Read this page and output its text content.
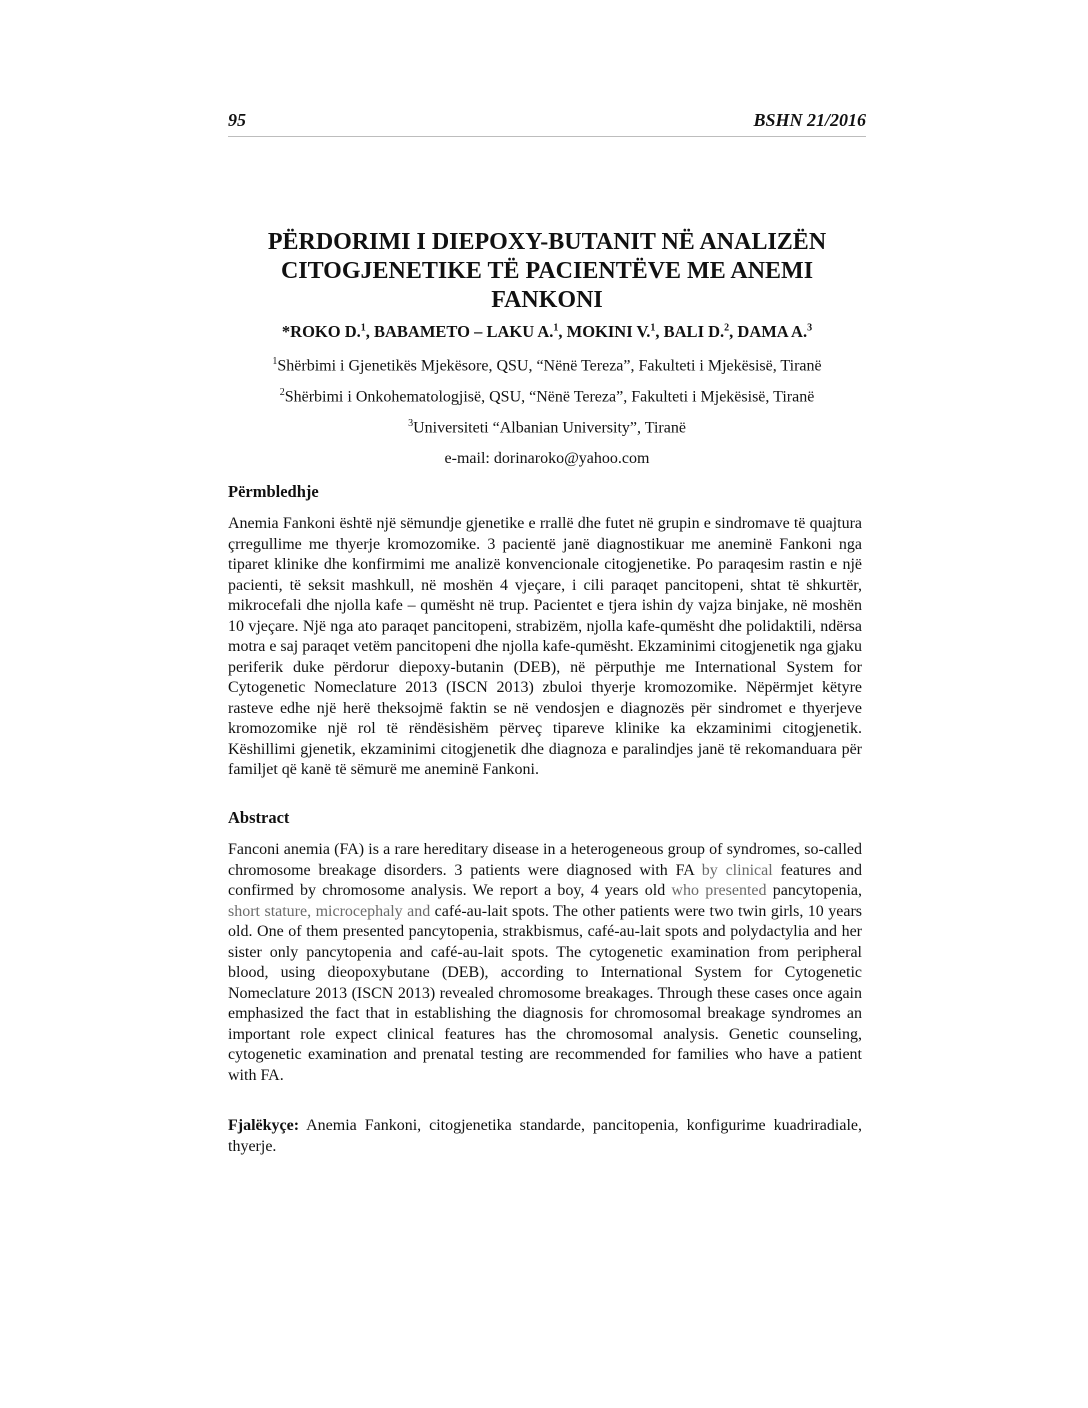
95	BSHN 21/2016
PËRDORIMI I DIEPOXY-BUTANIT NË ANALIZËN
CITOGJENETIKE TË PACIENTËVE ME ANEMI
FANKONI
*ROKO D.$^1$, BABAMETO – LAKU A.$^1$, MOKINI V.$^1$, BALI D.$^2$, DAMA A.$^3$
$^1$Shërbimi i Gjenetikës Mjekësore, QSU, “Nënë Tereza”, Fakulteti i Mjekësisë, Tiranë
$^2$Shërbimi i Onkohematologjisë, QSU, “Nënë Tereza”, Fakulteti i Mjekësisë, Tiranë
$^3$Universiteti “Albanian University”, Tiranë
e-mail: dorinaroko@yahoo.com
Përmbledhje
Anemia Fankoni është një sëmundje gjenetike e rrallë dhe futet në grupin e sindromave të quajtura çrregullime me thyerje kromozomike. 3 pacientë janë diagnostikuar me aneminë Fankoni nga tiparet klinike dhe konfirmimi me analizë konvencionale citogjenetike. Po paraqesim rastin e një pacienti, të seksit mashkull, në moshën 4 vjeçare, i cili paraqet pancitopeni, shtat të shkurtër, mikrocefali dhe njolla kafe – qumësht në trup. Pacientet e tjera ishin dy vajza binjake, në moshën 10 vjeçare. Një nga ato paraqet pancitopeni, strabizëm, njolla kafe-qumësht dhe polidaktili, ndërsa motra e saj paraqet vetëm pancitopeni dhe njolla kafe-qumësht. Ekzaminimi citogjenetik nga gjaku periferik duke përdorur diepoxy-butanin (DEB), në përputhje me International System for Cytogenetic Nomeclature 2013 (ISCN 2013) zbuloi thyerje kromozomike. Nëpërmjet këtyre rasteve edhe një herë theksojmë faktin se në vendosjen e diagnozës për sindromet e thyerjeve kromozomike një rol të rëndësishëm përveç tipareve klinike ka ekzaminimi citogjenetik. Këshillimi gjenetik, ekzaminimi citogjenetik dhe diagnoza e paralindjes janë të rekomanduara për familjet që kanë të sëmurë me aneminë Fankoni.
Abstract
Fanconi anemia (FA) is a rare hereditary disease in a heterogeneous group of syndromes, so-called chromosome breakage disorders. 3 patients were diagnosed with FA by clinical features and confirmed by chromosome analysis. We report a boy, 4 years old who presented pancytopenia, short stature, microcephaly and café-au-lait spots. The other patients were two twin girls, 10 years old. One of them presented pancytopenia, strakbismus, café-au-lait spots and polydactylia and her sister only pancytopenia and café-au-lait spots. The cytogenetic examination from peripheral blood, using dieopoxybutane (DEB), according to International System for Cytogenetic Nomeclature 2013 (ISCN 2013) revealed chromosome breakages. Through these cases once again emphasized the fact that in establishing the diagnosis for chromosomal breakage syndromes an important role expect clinical features has the chromosomal analysis. Genetic counseling, cytogenetic examination and prenatal testing are recommended for families who have a patient with FA.
Fjalëkyçe: Anemia Fankoni, citogjenetika standarde, pancitopenia, konfigurime kuadriradiale, thyerje.
